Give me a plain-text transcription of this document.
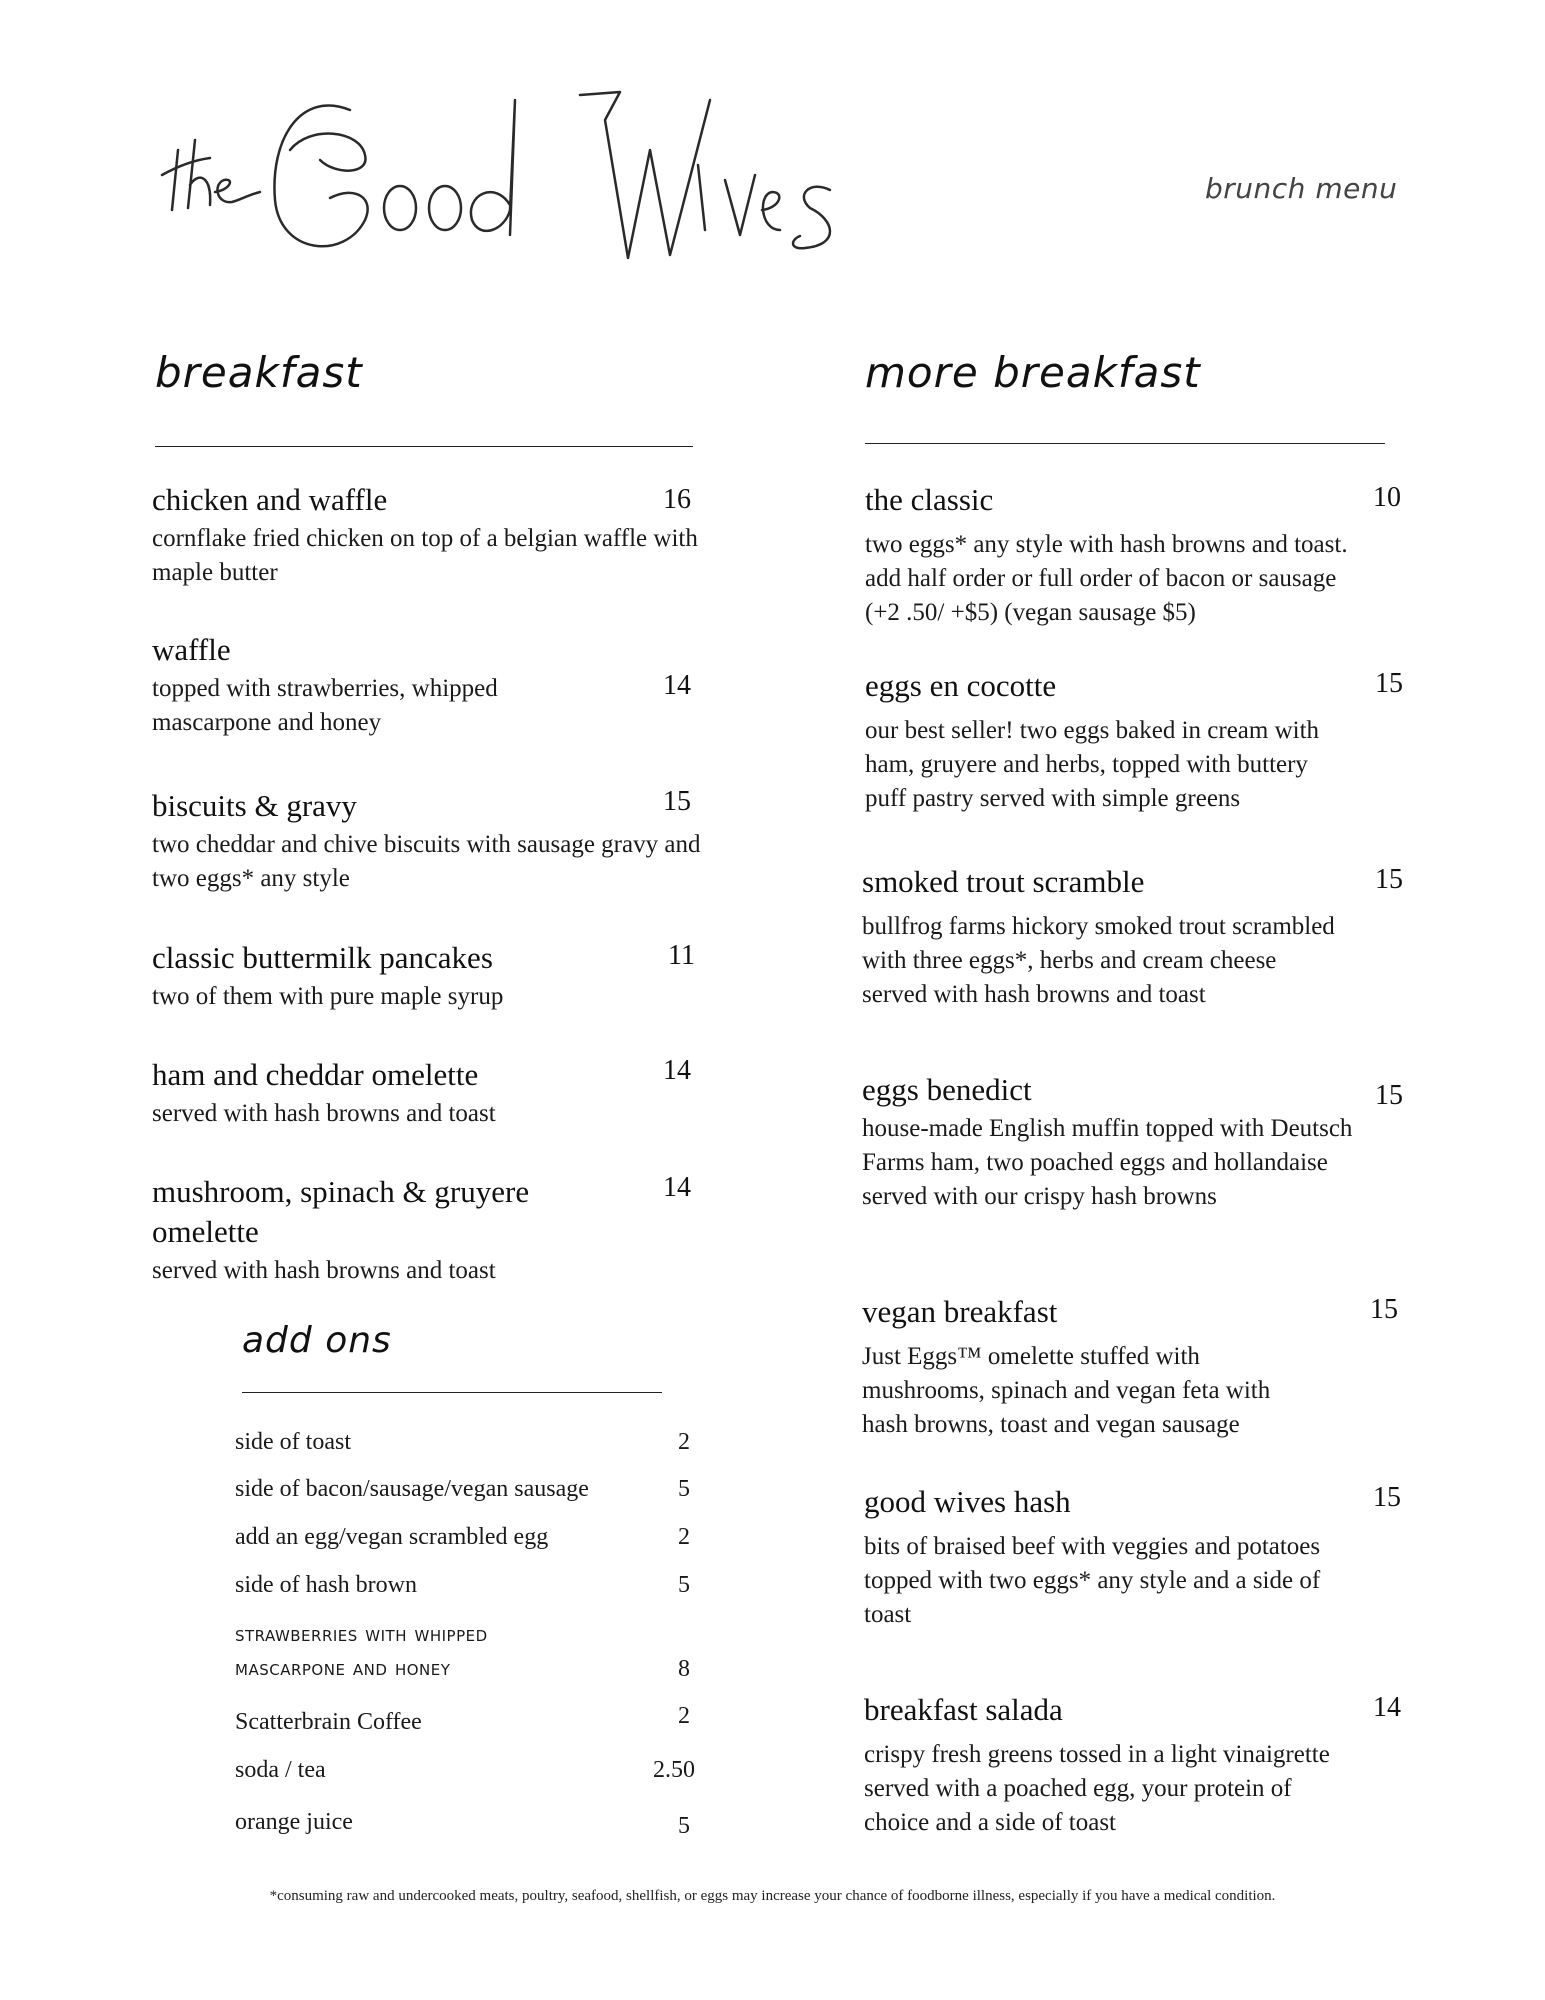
brunch menu
breakfast
chicken and waffle
cornflake fried chicken on top of a belgian waffle with maple butter
16
waffle
topped with strawberries, whipped mascarpone and honey
14
biscuits & gravy
two cheddar and chive biscuits with sausage gravy and two eggs* any style
15
classic buttermilk pancakes
two of them with pure maple syrup
11
ham and cheddar omelette
served with hash browns and toast
14
mushroom, spinach & gruyere omelette
served with hash browns and toast
14
add ons
side of toast	2
side of bacon/sausage/vegan sausage	5
add an egg/vegan scrambled egg	2
side of hash brown	5
strawberries with whipped mascarpone and honey	8
Scatterbrain Coffee	2
soda / tea	2.50
orange juice	5
more breakfast
the classic
two eggs* any style with hash browns and toast. add half order or full order of bacon or sausage (+2 .50/ +$5) (vegan sausage $5)
10
eggs en cocotte
our best seller! two eggs baked in cream with ham, gruyere and herbs, topped with buttery puff pastry served with simple greens
15
smoked trout scramble
bullfrog farms hickory smoked trout scrambled with three eggs*, herbs and cream cheese served with hash browns and toast
15
eggs benedict
house-made English muffin topped with Deutsch Farms ham, two poached eggs and hollandaise served with our crispy hash browns
15
vegan breakfast
Just Eggs™ omelette stuffed with mushrooms, spinach and vegan feta with hash browns, toast and vegan sausage
15
good wives hash
bits of braised beef with veggies and potatoes topped with two eggs* any style and a side of toast
15
breakfast salada
crispy fresh greens tossed in a light vinaigrette served with a poached egg, your protein of choice and a side of toast
14
*consuming raw and undercooked meats, poultry, seafood, shellfish, or eggs may increase your chance of foodborne illness, especially if you have a medical condition.
